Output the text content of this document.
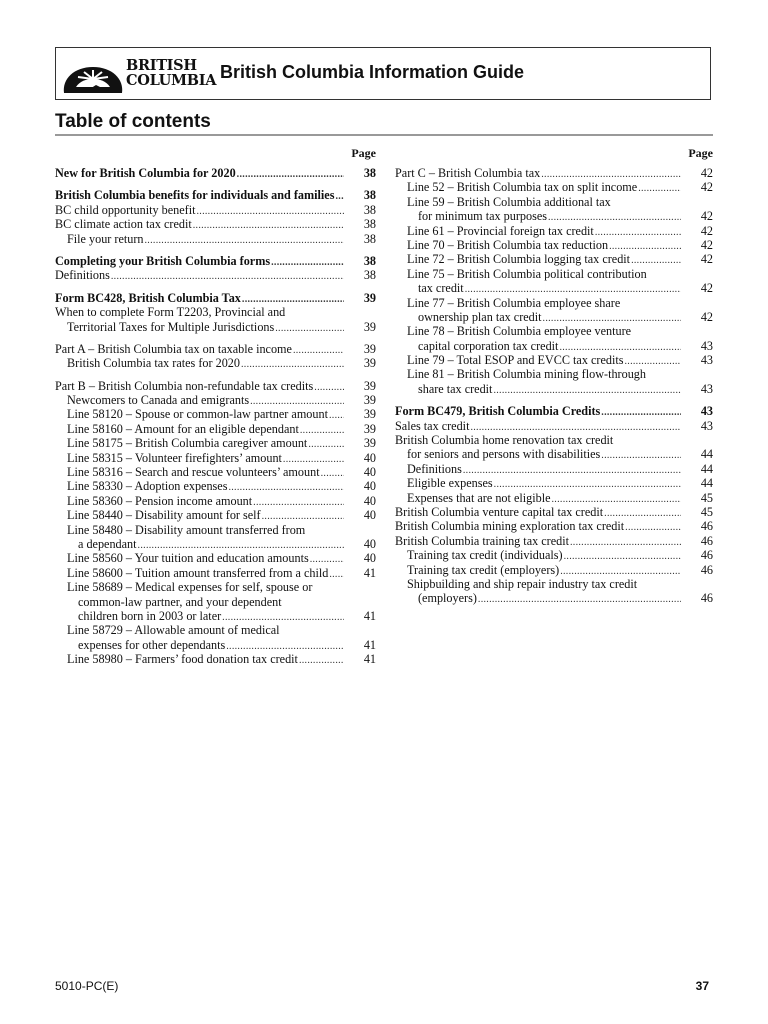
BRITISH
COLUMBIA British Columbia Information Guide
Table of contents
Page
New for British Columbia for 2020 .....	38
British Columbia benefits for individuals and families .....	38
BC child opportunity benefit .....	38
BC climate action tax credit .....	38
File your return .....	38
Completing your British Columbia forms .....	38
Definitions .....	38
Form BC428, British Columbia Tax .....	39
When to complete Form T2203, Provincial and
Territorial Taxes for Multiple Jurisdictions .....	39
Part A – British Columbia tax on taxable income .....	39
British Columbia tax rates for 2020 .....	39
Part B – British Columbia non-refundable tax credits .....	39
Newcomers to Canada and emigrants .....	39
Line 58120 – Spouse or common-law partner amount .....	39
Line 58160 – Amount for an eligible dependant .....	39
Line 58175 – British Columbia caregiver amount .....	39
Line 58315 – Volunteer firefighters’ amount .....	40
Line 58316 – Search and rescue volunteers’ amount .....	40
Line 58330 – Adoption expenses .....	40
Line 58360 – Pension income amount .....	40
Line 58440 – Disability amount for self .....	40
Line 58480 – Disability amount transferred from
a dependant .....	40
Line 58560 – Your tuition and education amounts .....	40
Line 58600 – Tuition amount transferred from a child .....	41
Line 58689 – Medical expenses for self, spouse or
common-law partner, and your dependent
children born in 2003 or later .....	41
Line 58729 – Allowable amount of medical
expenses for other dependants .....	41
Line 58980 – Farmers’ food donation tax credit .....	41
Page
Part C – British Columbia tax .....	42
Line 52 – British Columbia tax on split income .....	42
Line 59 – British Columbia additional tax
for minimum tax purposes .....	42
Line 61 – Provincial foreign tax credit .....	42
Line 70 – British Columbia tax reduction .....	42
Line 72 – British Columbia logging tax credit .....	42
Line 75 – British Columbia political contribution
tax credit .....	42
Line 77 – British Columbia employee share
ownership plan tax credit .....	42
Line 78 – British Columbia employee venture
capital corporation tax credit .....	43
Line 79 – Total ESOP and EVCC tax credits .....	43
Line 81 – British Columbia mining flow-through
share tax credit .....	43
Form BC479, British Columbia Credits .....	43
Sales tax credit .....	43
British Columbia home renovation tax credit
for seniors and persons with disabilities .....	44
Definitions .....	44
Eligible expenses .....	44
Expenses that are not eligible .....	45
British Columbia venture capital tax credit .....	45
British Columbia mining exploration tax credit .....	46
British Columbia training tax credit .....	46
Training tax credit (individuals) .....	46
Training tax credit (employers) .....	46
Shipbuilding and ship repair industry tax credit
(employers) .....	46
5010-PC(E)	37
